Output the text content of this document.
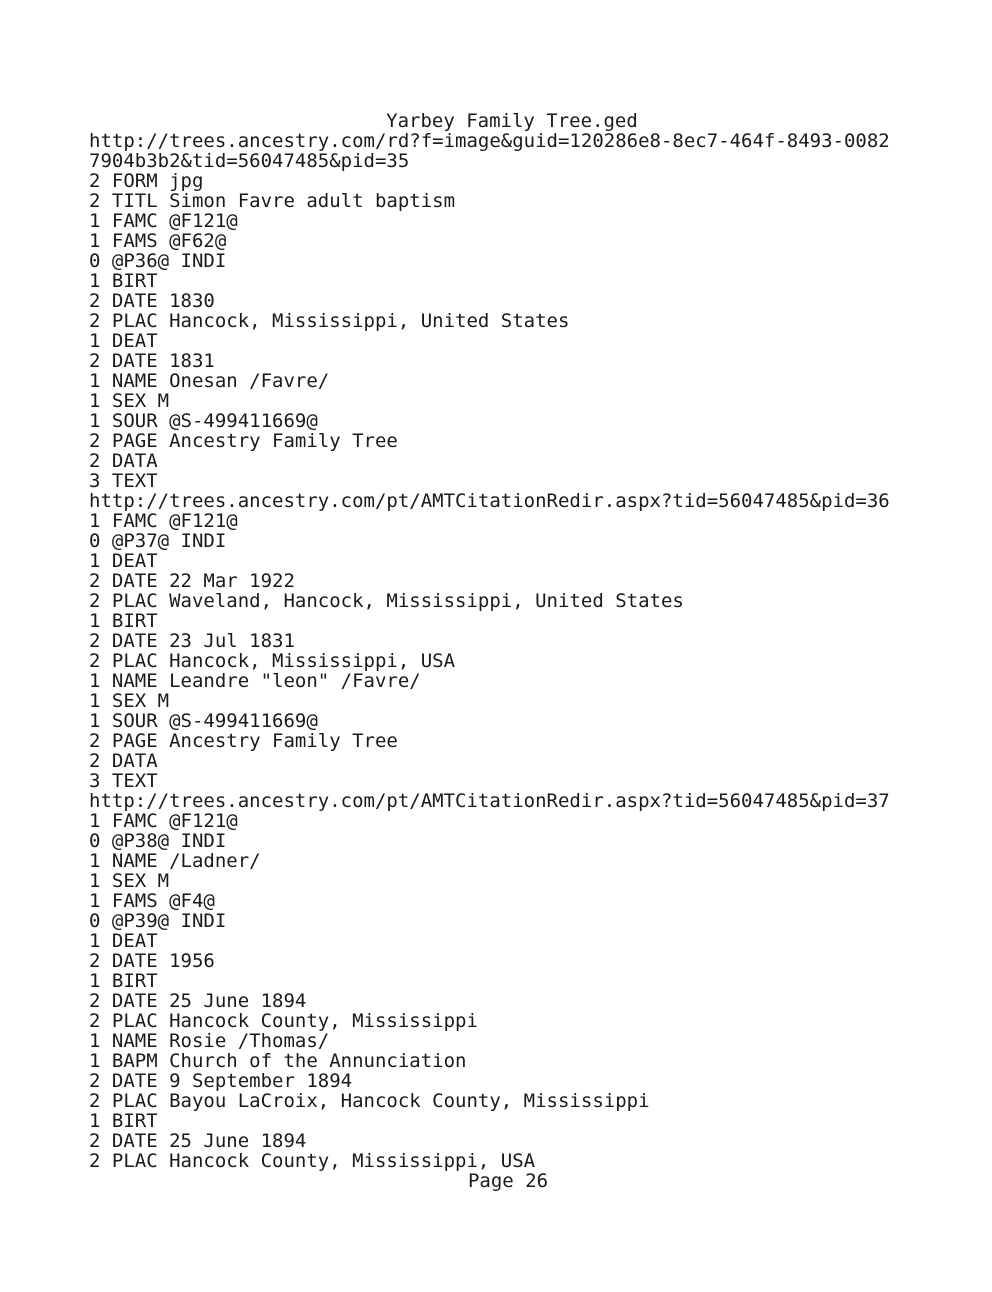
Yarbey Family Tree.ged
http://trees.ancestry.com/rd?f=image&guid=120286e8-8ec7-464f-8493-0082
7904b3b2&tid=56047485&pid=35
2 FORM jpg
2 TITL Simon Favre adult baptism
1 FAMC @F121@
1 FAMS @F62@
0 @P36@ INDI
1 BIRT
2 DATE 1830
2 PLAC Hancock, Mississippi, United States
1 DEAT
2 DATE 1831
1 NAME Onesan /Favre/
1 SEX M
1 SOUR @S-499411669@
2 PAGE Ancestry Family Tree
2 DATA
3 TEXT
http://trees.ancestry.com/pt/AMTCitationRedir.aspx?tid=56047485&pid=36
1 FAMC @F121@
0 @P37@ INDI
1 DEAT
2 DATE 22 Mar 1922
2 PLAC Waveland, Hancock, Mississippi, United States
1 BIRT
2 DATE 23 Jul 1831
2 PLAC Hancock, Mississippi, USA
1 NAME Leandre "leon" /Favre/
1 SEX M
1 SOUR @S-499411669@
2 PAGE Ancestry Family Tree
2 DATA
3 TEXT
http://trees.ancestry.com/pt/AMTCitationRedir.aspx?tid=56047485&pid=37
1 FAMC @F121@
0 @P38@ INDI
1 NAME /Ladner/
1 SEX M
1 FAMS @F4@
0 @P39@ INDI
1 DEAT
2 DATE 1956
1 BIRT
2 DATE 25 June 1894
2 PLAC Hancock County, Mississippi
1 NAME Rosie /Thomas/
1 BAPM Church of the Annunciation
2 DATE 9 September 1894
2 PLAC Bayou LaCroix, Hancock County, Mississippi
1 BIRT
2 DATE 25 June 1894
2 PLAC Hancock County, Mississippi, USA
Page 26
